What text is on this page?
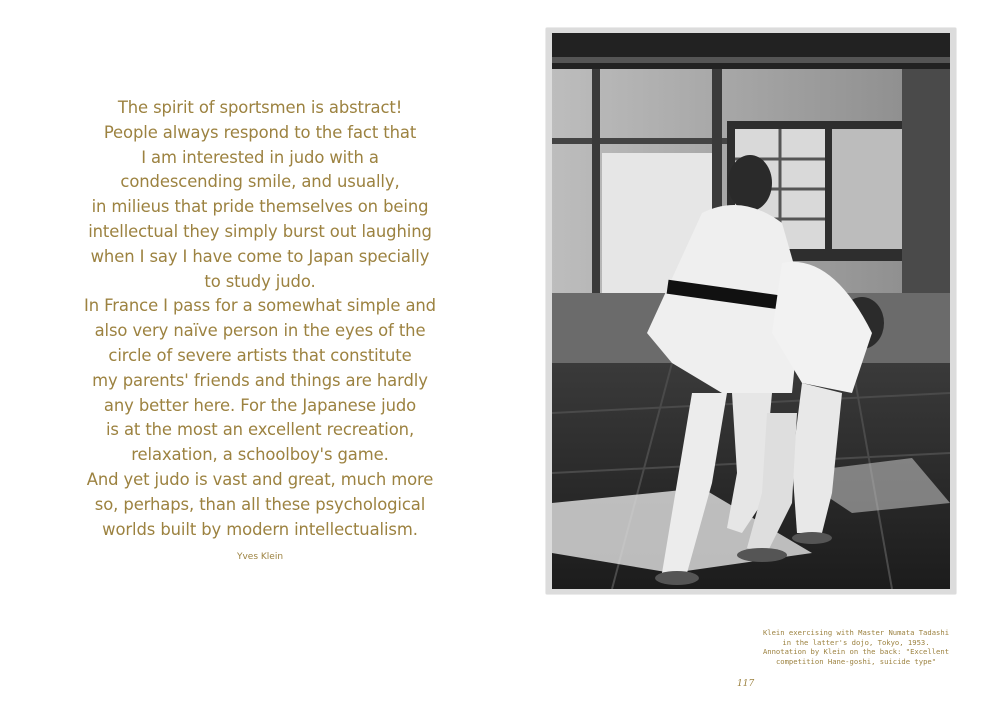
The spirit of sportsmen is abstract!
People always respond to the fact that
I am interested in judo with a
condescending smile, and usually,
in milieus that pride themselves on being
intellectual they simply burst out laughing
when I say I have come to Japan specially
to study judo.
In France I pass for a somewhat simple and
also very naïve person in the eyes of the
circle of severe artists that constitute
my parents' friends and things are hardly
any better here. For the Japanese judo
is at the most an excellent recreation,
relaxation, a schoolboy's game.
And yet judo is vast and great, much more
so, perhaps, than all these psychological
worlds built by modern intellectualism.
Yves Klein
Klein exercising with Master Numata Tadashi
in the latter's dojo, Tokyo, 1953.
Annotation by Klein on the back: "Excellent
competition Hane-goshi, suicide type"
117
